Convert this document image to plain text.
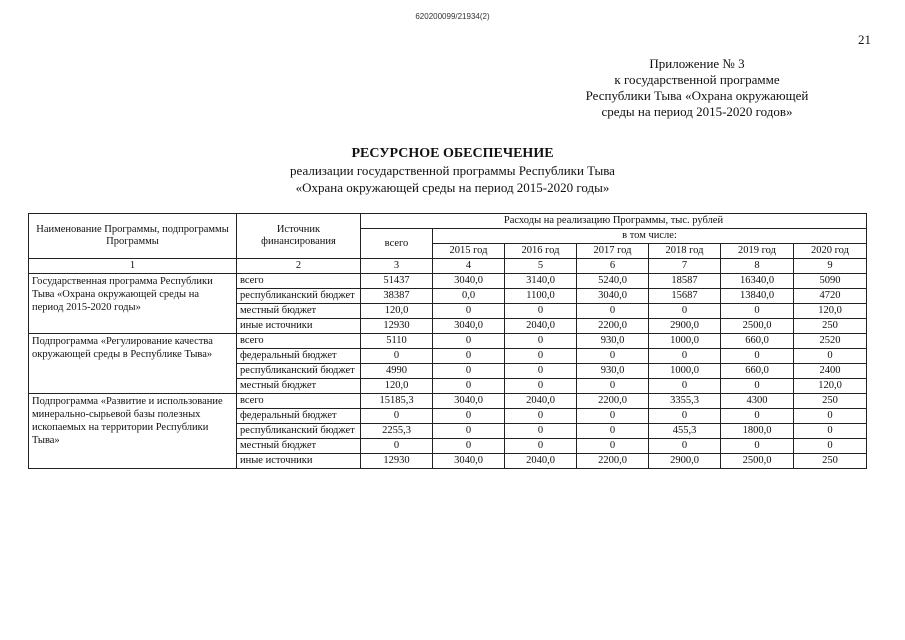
620200099/21934(2)
21
Приложение № 3
к государственной программе
Республики Тыва «Охрана окружающей
среды на период 2015-2020 годов»
РЕСУРСНОЕ ОБЕСПЕЧЕНИЕ
реализации государственной программы Республики Тыва
«Охрана окружающей среды на период 2015-2020 годы»
Наименование Программы, подпрограммы Программы	Источник финансирования	Расходы на реализацию Программы, тыс. рублей						
		всего	в том числе:					
			2015 год	2016 год	2017 год	2018 год	2019 год	2020 год
1	2	3	4	5	6	7	8	9
Государственная программа Республики Тыва «Охрана окружающей среды на период 2015-2020 годы»	всего	51437	3040,0	3140,0	5240,0	18587	16340,0	5090
	республиканский бюджет	38387	0,0	1100,0	3040,0	15687	13840,0	4720
	местный бюджет	120,0	0	0	0	0	0	120,0
	иные источники	12930	3040,0	2040,0	2200,0	2900,0	2500,0	250
Подпрограмма «Регулирование качества окружающей среды в Республике Тыва»	всего	5110	0	0	930,0	1000,0	660,0	2520
	федеральный бюджет	0	0	0	0	0	0	0
	республиканский бюджет	4990	0	0	930,0	1000,0	660,0	2400
	местный бюджет	120,0	0	0	0	0	0	120,0
Подпрограмма «Развитие и использование минерально-сырьевой базы полезных ископаемых на территории Республики Тыва»	всего	15185,3	3040,0	2040,0	2200,0	3355,3	4300	250
	федеральный бюджет	0	0	0	0	0	0	0
	республиканский бюджет	2255,3	0	0	0	455,3	1800,0	0
	местный бюджет	0	0	0	0	0	0	0
	иные источники	12930	3040,0	2040,0	2200,0	2900,0	2500,0	250
